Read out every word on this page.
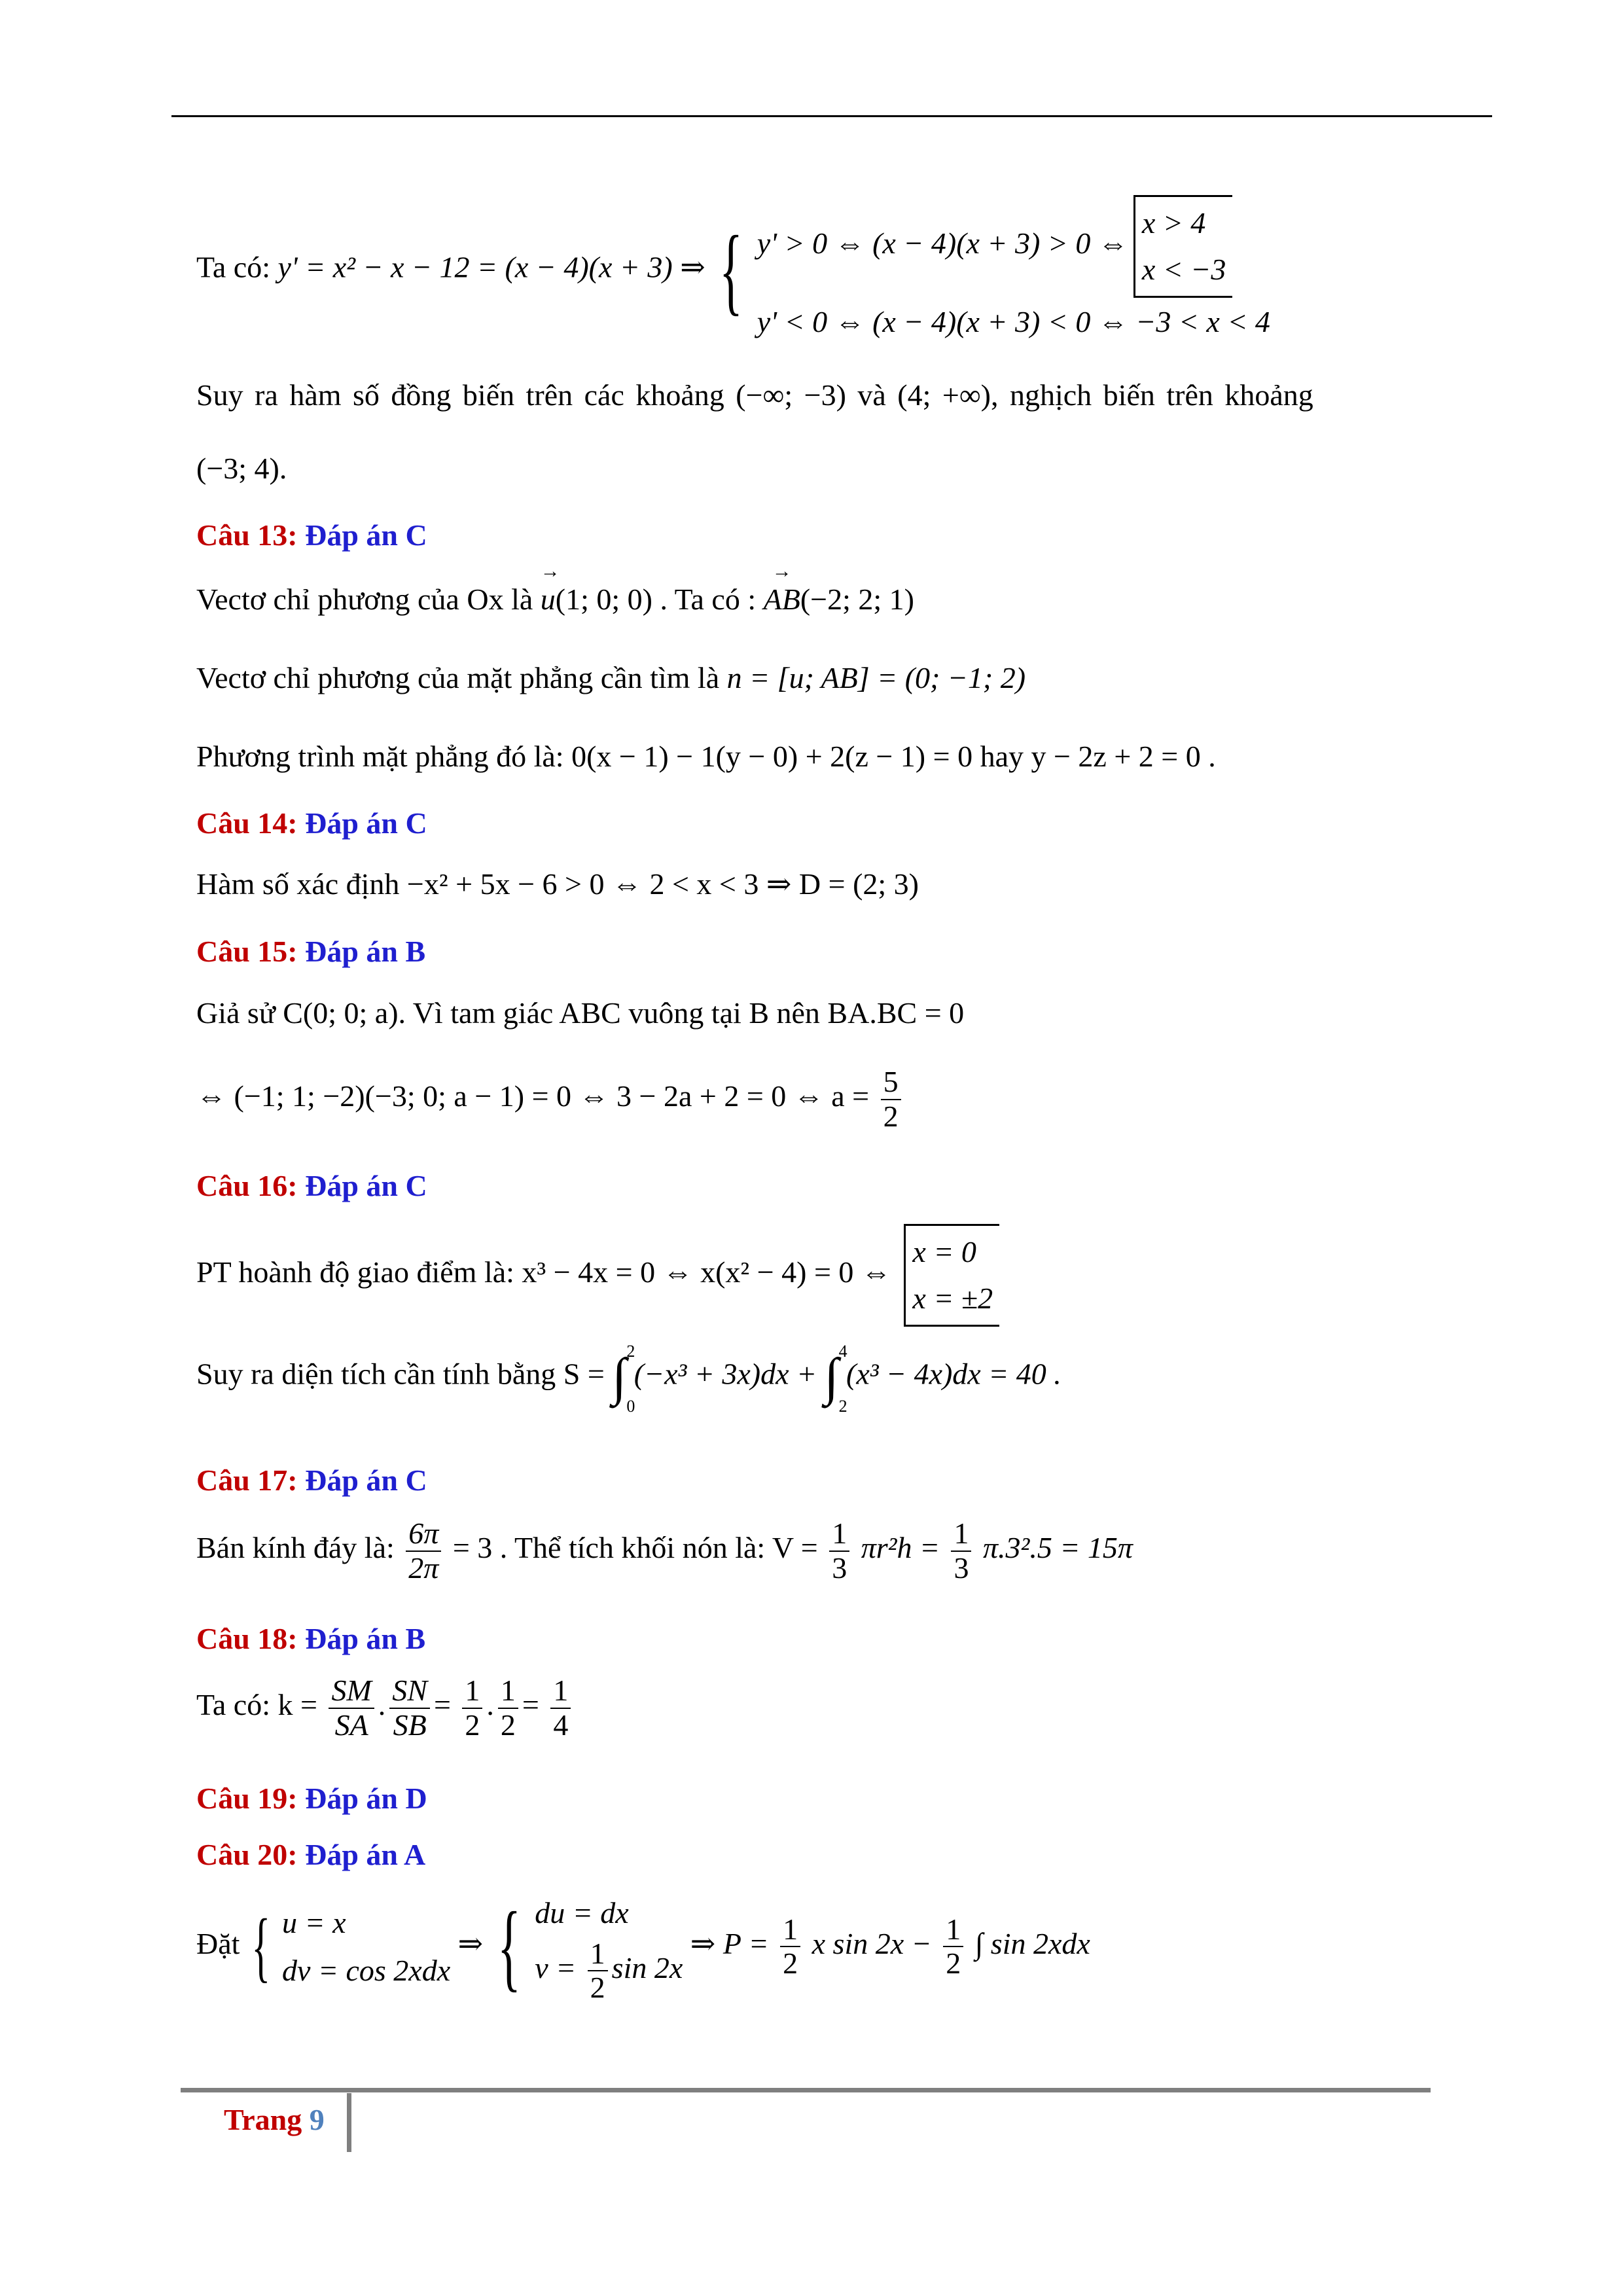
Ta có: y' = x² − x − 12 = (x − 4)(x + 3) ⇒ { y' > 0 ⇔ (x − 4)(x + 3) > 0 ⇔
x > 4
x < −3
y' < 0 ⇔ (x − 4)(x + 3) < 0 ⇔ −3 < x < 4
Suy ra hàm số đồng biến trên các khoảng (−∞; −3) và (4; +∞), nghịch biến trên khoảng
(−3; 4).
Câu 13: Đáp án C
Vectơ chỉ phương của Ox là → u(1; 0; 0) . Ta có : → AB(−2; 2; 1)
Vectơ chỉ phương của mặt phẳng cần tìm là n = [u; AB] = (0; −1; 2)
Phương trình mặt phẳng đó là: 0(x − 1) − 1(y − 0) + 2(z − 1) = 0 hay y − 2z + 2 = 0 .
Câu 14: Đáp án C
Hàm số xác định −x² + 5x − 6 > 0 ⇔ 2 < x < 3 ⇒ D = (2; 3)
Câu 15: Đáp án B
Giả sử C(0; 0; a). Vì tam giác ABC vuông tại B nên BA.BC = 0
⇔ (−1; 1; −2)(−3; 0; a − 1) = 0 ⇔ 3 − 2a + 2 = 0 ⇔ $a = \frac{5}{2}$
Câu 16: Đáp án C
PT hoành độ giao điểm là: x³ − 4x = 0 ⇔ x(x² − 4) = 0 ⇔
x = 0
x = ±2
Suy ra diện tích cần tính bằng S = ∫ 2
0
(−x³ + 3x)dx + ∫ 4
2
(x³ − 4x)dx = 40 .
Câu 17: Đáp án C
Bán kính đáy là: $\frac{6\pi}{2\pi} = 3$ . Thể tích khối nón là: $V = \frac{1}{3} \pi r^2h = \frac{1}{3} \pi.3^2.5 = 15\pi$
Câu 18: Đáp án B
Ta có: $k = \frac{SM}{SA}$ . $\frac{SN}{SB} = \frac{1}{2}$ . $\frac{1}{2} = \frac{1}{4}$
Câu 19: Đáp án D
Câu 20: Đáp án A
Đặt { u = x
dv = cos 2xdx
⇒ { du = dx
$v = \frac{1}{2}$ sin 2x
⇒ $P = \frac{1}{2}$ x $\sin 2x - \frac{1}{2}$ ∫ sin 2xdx
Trang 9
